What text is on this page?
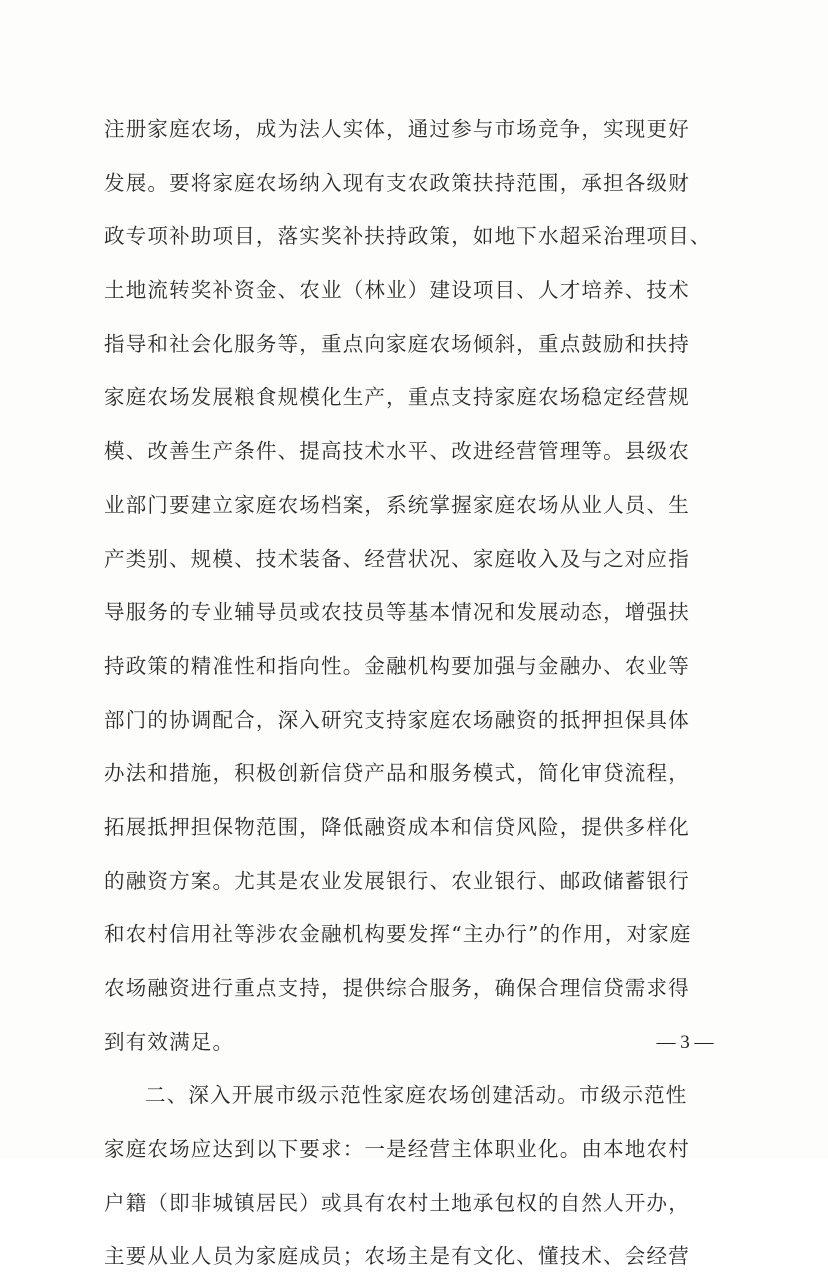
注册家庭农场，成为法人实体，通过参与市场竞争，实现更好
发展。要将家庭农场纳入现有支农政策扶持范围，承担各级财
政专项补助项目，落实奖补扶持政策，如地下水超采治理项目、
土地流转奖补资金、农业（林业）建设项目、人才培养、技术
指导和社会化服务等，重点向家庭农场倾斜，重点鼓励和扶持
家庭农场发展粮食规模化生产，重点支持家庭农场稳定经营规
模、改善生产条件、提高技术水平、改进经营管理等。县级农
业部门要建立家庭农场档案，系统掌握家庭农场从业人员、生
产类别、规模、技术装备、经营状况、家庭收入及与之对应指
导服务的专业辅导员或农技员等基本情况和发展动态，增强扶
持政策的精准性和指向性。金融机构要加强与金融办、农业等
部门的协调配合，深入研究支持家庭农场融资的抵押担保具体
办法和措施，积极创新信贷产品和服务模式，简化审贷流程，
拓展抵押担保物范围，降低融资成本和信贷风险，提供多样化
的融资方案。尤其是农业发展银行、农业银行、邮政储蓄银行
和农村信用社等涉农金融机构要发挥“主办行”的作用，对家庭
农场融资进行重点支持，提供综合服务，确保合理信贷需求得
到有效满足。
二、深入开展市级示范性家庭农场创建活动。市级示范性
家庭农场应达到以下要求：一是经营主体职业化。由本地农村
户籍（即非城镇居民）或具有农村土地承包权的自然人开办，
主要从业人员为家庭成员；农场主是有文化、懂技术、会经营
— 3 —
